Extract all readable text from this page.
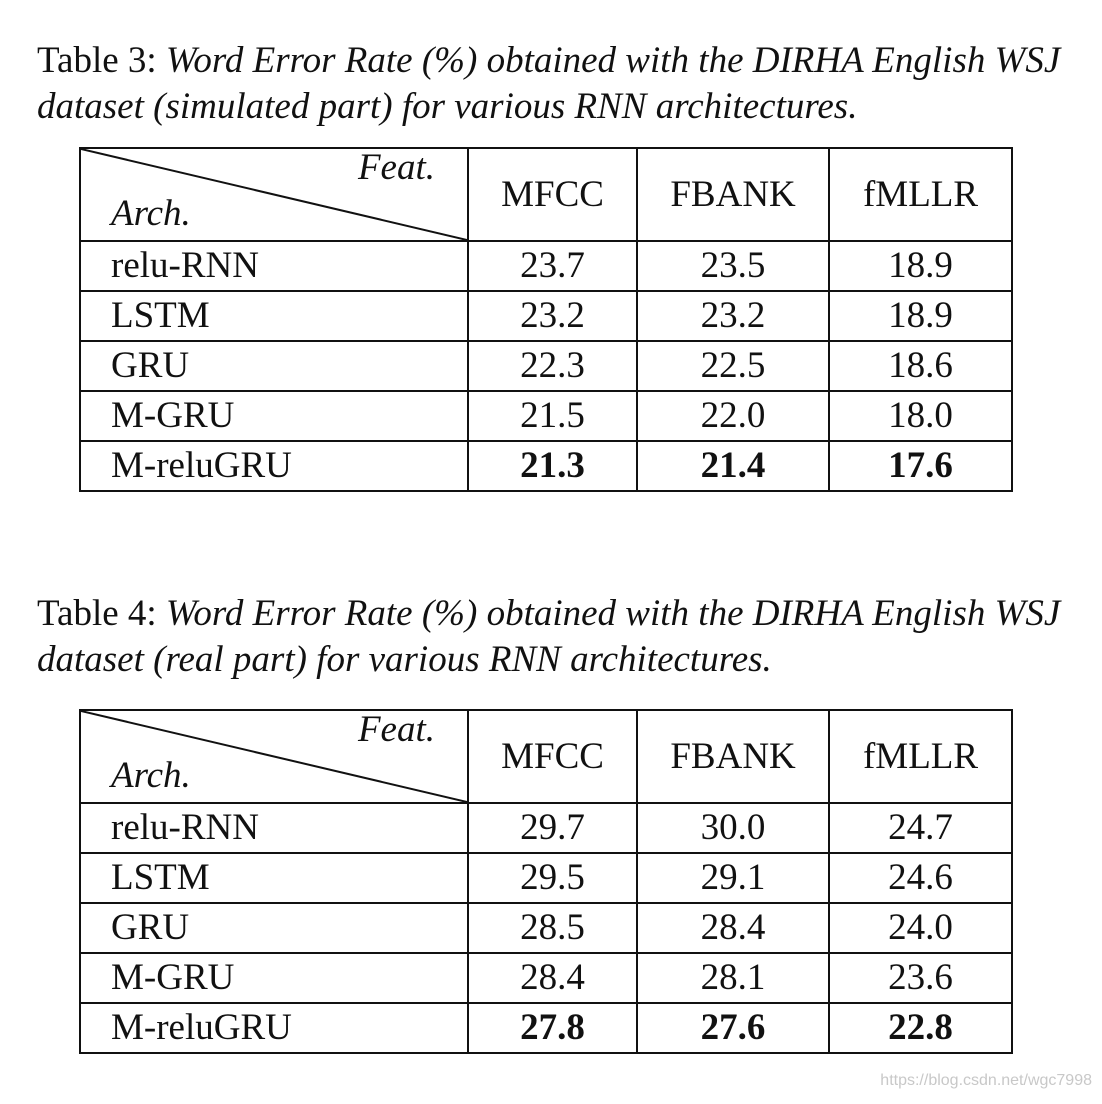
Table 3: Word Error Rate (%) obtained with the DIRHA English WSJ dataset (simulated part) for various RNN architectures.
Feat.
Arch.	MFCC	FBANK	fMLLR
relu-RNN	23.7	23.5	18.9
LSTM	23.2	23.2	18.9
GRU	22.3	22.5	18.6
M-GRU	21.5	22.0	18.0
M-reluGRU	21.3	21.4	17.6
Table 4: Word Error Rate (%) obtained with the DIRHA English WSJ dataset (real part) for various RNN architectures.
Feat.
Arch.	MFCC	FBANK	fMLLR
relu-RNN	29.7	30.0	24.7
LSTM	29.5	29.1	24.6
GRU	28.5	28.4	24.0
M-GRU	28.4	28.1	23.6
M-reluGRU	27.8	27.6	22.8
https://blog.csdn.net/wgc7998
